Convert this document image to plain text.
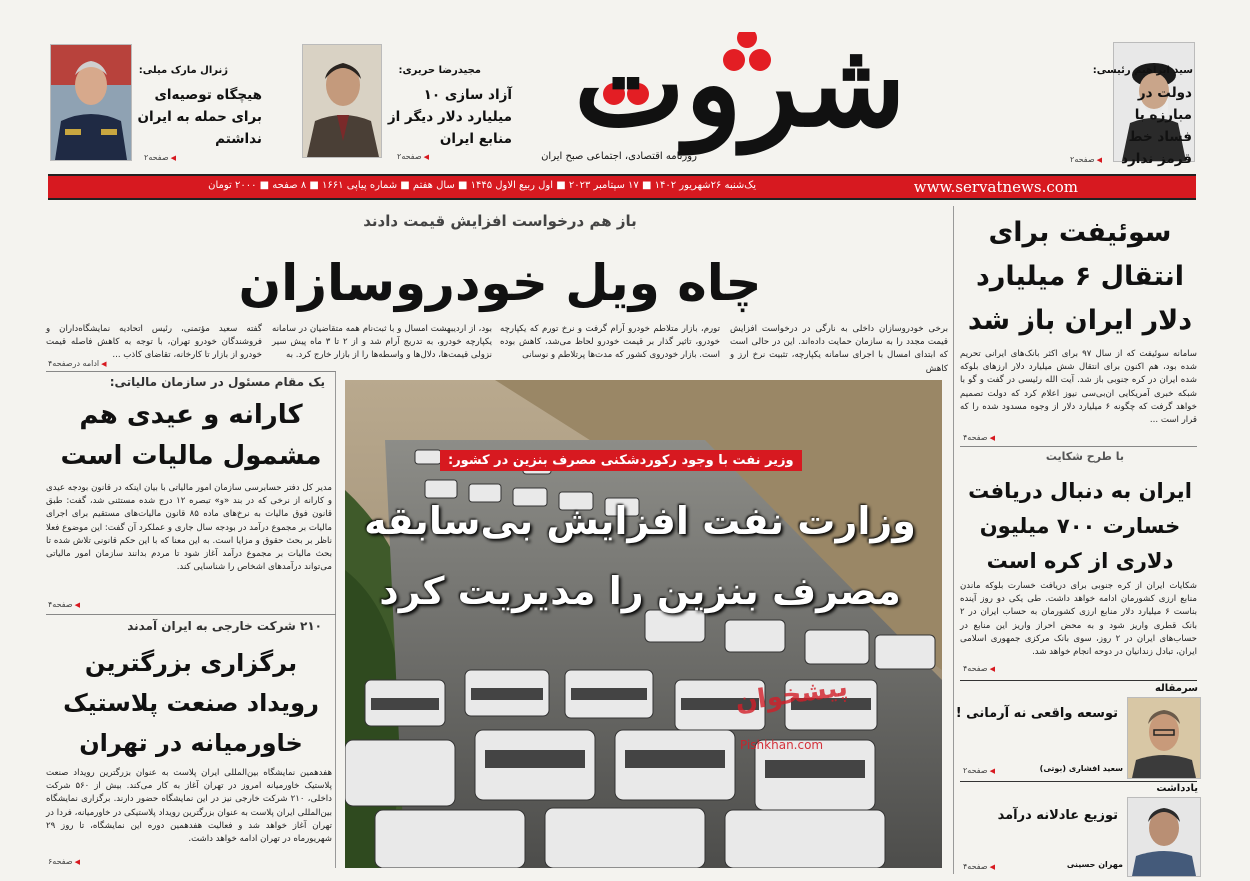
سید ابراهیم رئیسی:
دولت در مبارزه با فساد خط قرمز ندارد
◀ صفحه۲
شروت
روزنامه اقتصادی، اجتماعی صبح ایران
مجیدرضا حریری:
آزاد سازی ۱۰ میلیارد دلار دیگر از منابع ایران
◀ صفحه۲
ژنرال مارک میلی:
هیچگاه توصیه‌ای برای حمله به ایران نداشتم
◀ صفحه۲
www.servatnews.com
یک‌شنبه ۲۶شهریور ۱۴۰۲ ■ ۱۷ سپتامبر ۲۰۲۳ ■ اول ربیع الاول ۱۴۴۵ ■ سال هفتم ■ شماره پیاپی ۱۶۶۱ ■ ۸ صفحه ■ ۲۰۰۰ تومان
سوئیفت برای انتقال ۶ میلیارد دلار ایران باز شد
سامانه سوئیفت که از سال ۹۷ برای اکثر بانک‌های ایرانی تحریم شده بود، هم اکنون برای انتقال شش میلیارد دلار ارزهای بلوکه شده ایران در کره جنوبی باز شد. آیت الله رئیسی در گفت و گو با شبکه خبری آمریکایی ان‌بی‌سی نیوز اعلام کرد که دولت تصمیم خواهد گرفت که چگونه ۶ میلیارد دلار از وجوه مسدود شده را که قرار است ...
◀ صفحه۴
با طرح شکایت
ایران به دنبال دریافت خسارت ۷۰۰ میلیون دلاری از کره است
شکایات ایران از کره جنوبی برای دریافت خسارت بلوکه ماندن منابع ارزی کشورمان ادامه خواهد داشت. طی یکی دو روز آینده بناست ۶ میلیارد دلار منابع ارزی کشورمان به حساب ایران در ۲ بانک قطری واریز شود و به محض احراز واریز این منابع در حساب‌های ایران در ۲ روز، سوی بانک مرکزی جمهوری اسلامی ایران، تبادل زندانیان در دوحه انجام خواهد شد.
◀ صفحه۴
سرمقاله
توسعه واقعی نه آرمانی !
سعید افشاری (بوتی)
◀ صفحه۲
یادداشت
توزیع عادلانه درآمد
مهران حسینی
◀ صفحه۴
باز هم درخواست افزایش قیمت دادند
چاه ویل خودروسازان
برخی خودروسازان داخلی به نارگی در درخواست افزایش قیمت مجدد را به سازمان حمایت داده‌اند. این در حالی است که ابتدای امسال با اجرای سامانه یکپارچه، تثبیت نرخ ارز و کاهش
تورم، بازار متلاطم خودرو آرام گرفت و نرخ تورم که یکپارچه خودرو، تاثیر گذار بر قیمت خودرو لحاظ می‌شد، کاهش بوده است. بازار خودروی کشور که مدت‌ها پرتلاطم و نوسانی
بود، از اردیبهشت امسال و با ثبت‌نام همه متقاضیان در سامانه یکپارچه خودرو، به تدریج آرام شد و از ۲ تا ۳ ماه پیش سیر نزولی قیمت‌ها، دلال‌ها و واسطه‌ها را از بازار خارج کرد. به
گفته سعید مؤتمنی، رئیس اتحادیه نمایشگاه‌داران و فروشندگان خودرو تهران، با توجه به کاهش فاصله قیمت خودرو از بازار تا کارخانه، تقاضای کاذب ...
◀ ادامه درصفحه۴
وزیر نفت با وجود رکوردشکنی مصرف بنزین در کشور:
وزارت نفت افزایش بی‌سابقه
مصرف بنزین را مدیریت کرد
پیشخوان
Pishkhan.com
یک مقام مسئول در سازمان مالیاتی:
کارانه و عیدی هم مشمول مالیات است
مدیر کل دفتر حسابرسی سازمان امور مالیاتی با بیان اینکه در قانون بودجه عیدی و کارانه از نرخی که در بند «و» تبصره ۱۲ درج شده مستثنی شد، گفت: طبق قانون فوق مالیات به نرخ‌های ماده ۸۵ قانون مالیات‌های مستقیم برای اجرای مالیات بر مجموع درآمد در بودجه سال جاری و عملکرد آن گفت: این موضوع فعلا ناظر بر بحث حقوق و مزایا است. به این معنا که با این حکم قانونی تلاش شده تا بحث مالیات بر مجموع درآمد آغاز شود تا مردم بدانند سازمان امور مالیاتی می‌تواند درآمدهای اشخاص را شناسایی کند.
◀ صفحه۴
۲۱۰ شرکت خارجی به ایران آمدند
برگزاری بزرگترین رویداد صنعت پلاستیک خاورمیانه در تهران
هفدهمین نمایشگاه بین‌المللی ایران پلاست به عنوان بزرگترین رویداد صنعت پلاستیک خاورمیانه امروز در تهران آغاز به کار می‌کند. بیش از ۵۶۰ شرکت داخلی، ۲۱۰ شرکت خارجی نیز در این نمایشگاه حضور دارند. برگزاری نمایشگاه بین‌المللی ایران پلاست به عنوان بزرگترین رویداد پلاستیکی در خاورمیانه، فردا در تهران آغاز خواهد شد و فعالیت هفدهمین دوره این نمایشگاه، تا روز ۲۹ شهریورماه در تهران ادامه خواهد داشت.
◀ صفحه۶
